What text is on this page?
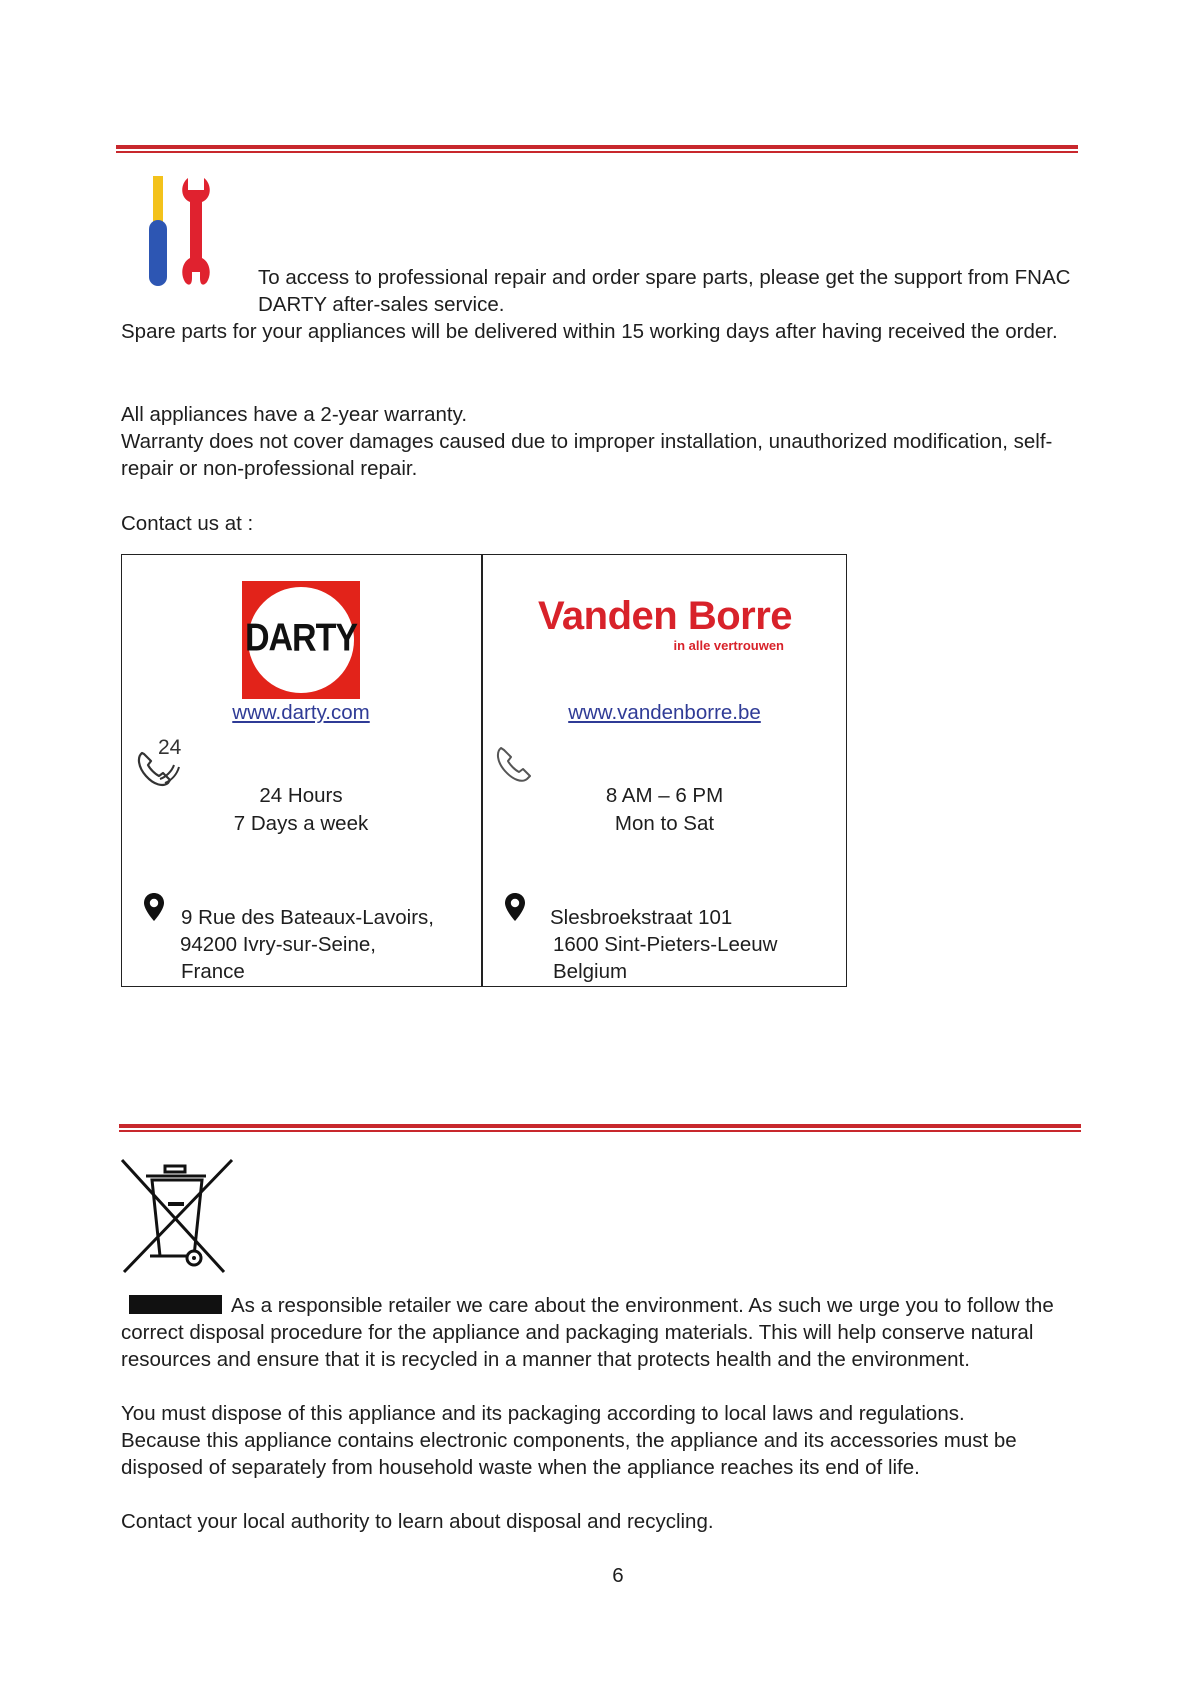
To access to professional repair and order spare parts, please get the support from FNAC
DARTY after-sales service.
Spare parts for your appliances will be delivered within 15 working days after having received the order.
All appliances have a 2-year warranty.
Warranty does not cover damages caused due to improper installation, unauthorized modification, self-
repair or non-professional repair.
Contact us at :
DARTY
www.darty.com
24
24 Hours
7 Days a week
9 Rue des Bateaux-Lavoirs,
94200 Ivry-sur-Seine,
France
Vanden Borre
in alle vertrouwen
www.vandenborre.be
8 AM – 6 PM
Mon to Sat
Slesbroekstraat 101
1600 Sint-Pieters-Leeuw
Belgium
As a responsible retailer we care about the environment. As such we urge you to follow the
correct disposal procedure for the appliance and packaging materials. This will help conserve natural
resources and ensure that it is recycled in a manner that protects health and the environment.
You must dispose of this appliance and its packaging according to local laws and regulations.
Because this appliance contains electronic components, the appliance and its accessories must be
disposed of separately from household waste when the appliance reaches its end of life.
Contact your local authority to learn about disposal and recycling.
6
